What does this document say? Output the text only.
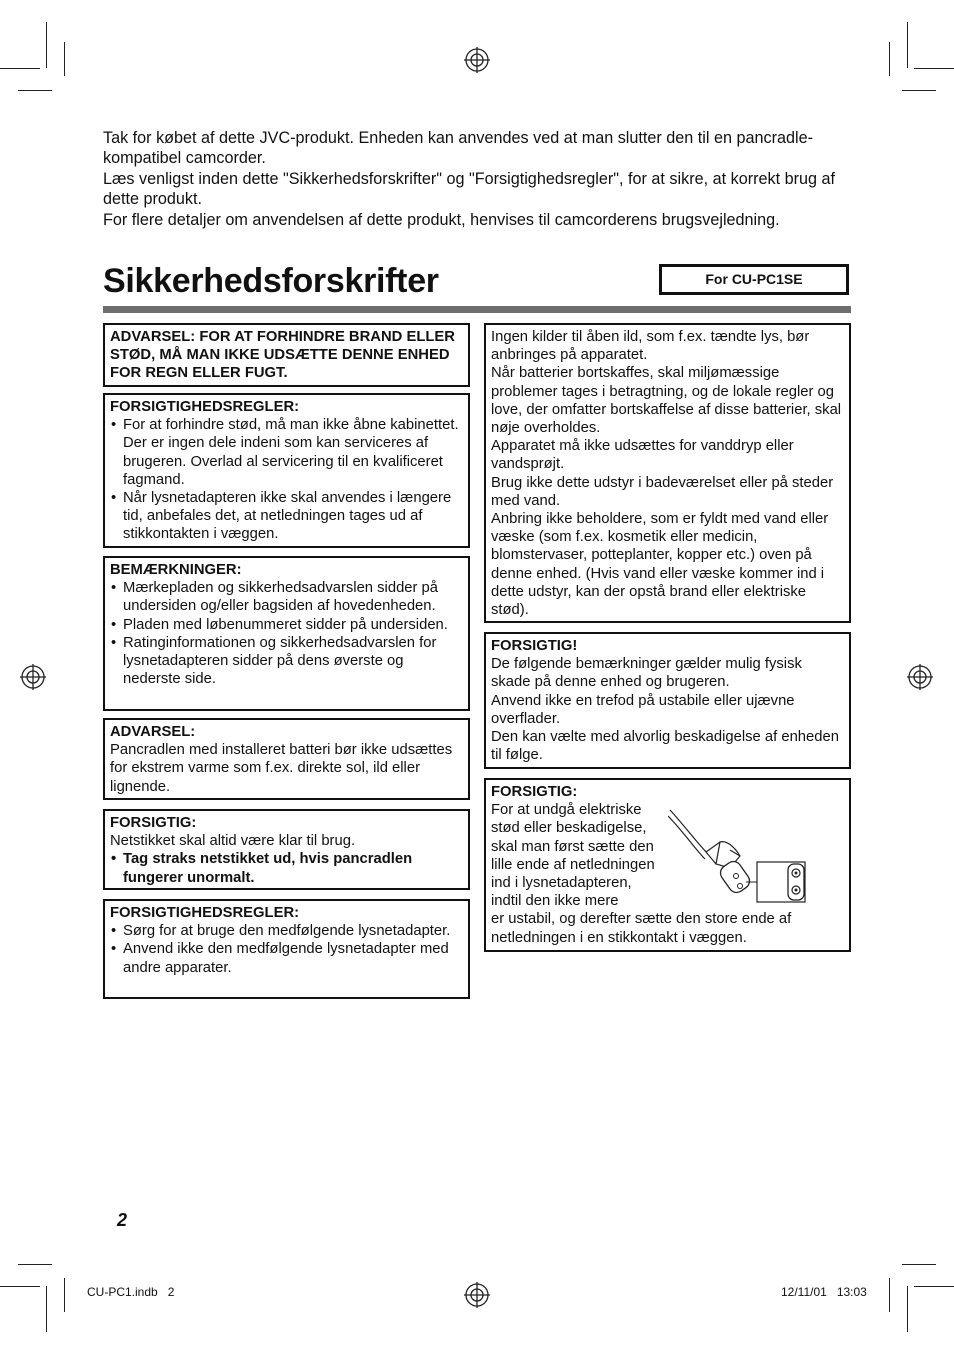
Tak for købet af dette JVC-produkt. Enheden kan anvendes ved at man slutter den til en pancradle-kompatibel camcorder.

Læs venligst inden dette "Sikkerhedsforskrifter" og "Forsigtighedsregler", for at sikre, at korrekt brug af dette produkt.

For flere detaljer om anvendelsen af dette produkt, henvises til camcorderens brugsvejledning.

Sikkerhedsforskrifter	For CU-PC1SE
ADVARSEL: FOR AT FORHINDRE BRAND ELLER STØD, MÅ MAN IKKE UDSÆTTE DENNE ENHED FOR REGN ELLER FUGT.
FORSIGTIGHEDSREGLER:
• For at forhindre stød, må man ikke åbne kabinettet. Der er ingen dele indeni som kan serviceres af brugeren. Overlad al servicering til en kvalificeret fagmand.
• Når lysnetadapteren ikke skal anvendes i længere tid, anbefales det, at netledningen tages ud af stikkontakten i væggen.
BEMÆRKNINGER:
• Mærkepladen og sikkerhedsadvarslen sidder på undersiden og/eller bagsiden af hovedenheden.
• Pladen med løbenummeret sidder på undersiden.
• Ratinginformationen og sikkerhedsadvarslen for lysnetadapteren sidder på dens øverste og nederste side.
ADVARSEL:

Pancradlen med installeret batteri bør ikke udsættes for ekstrem varme som f.ex. direkte sol, ild eller lignende.

FORSIGTIG:

Netstikket skal altid være klar til brug.

• Tag straks netstikket ud, hvis pancradlen fungerer unormalt.
FORSIGTIGHEDSREGLER:
• Sørg for at bruge den medfølgende lysnetadapter.
• Anvend ikke den medfølgende lysnetadapter med andre apparater.

Ingen kilder til åben ild, som f.ex. tændte lys, bør anbringes på apparatet.

Når batterier bortskaffes, skal miljømæssige problemer tages i betragtning, og de lokale regler og love, der omfatter bortskaffelse af disse batterier, skal nøje overholdes.

Apparatet må ikke udsættes for vanddryp eller vandsprøjt.

Brug ikke dette udstyr i badeværelset eller på steder med vand.

Anbring ikke beholdere, som er fyldt med vand eller væske (som f.ex. kosmetik eller medicin, blomstervaser, potteplanter, kopper etc.) oven på denne enhed. (Hvis vand eller væske kommer ind i dette udstyr, kan der opstå brand eller elektriske stød).

FORSIGTIG!

De følgende bemærkninger gælder mulig fysisk skade på denne enhed og brugeren.

Anvend ikke en trefod på ustabile eller ujævne overflader.

Den kan vælte med alvorlig beskadigelse af enheden til følge.

FORSIGTIG:
For at undgå elektriske
stød eller beskadigelse,
skal man først sætte den
lille ende af netledningen
ind i lysnetadapteren,
indtil den ikke mere
er ustabil, og derefter sætte den store ende af netledningen i en stikkontakt i væggen.
2
CU-PC1.indb   2	12/11/01   13:03
